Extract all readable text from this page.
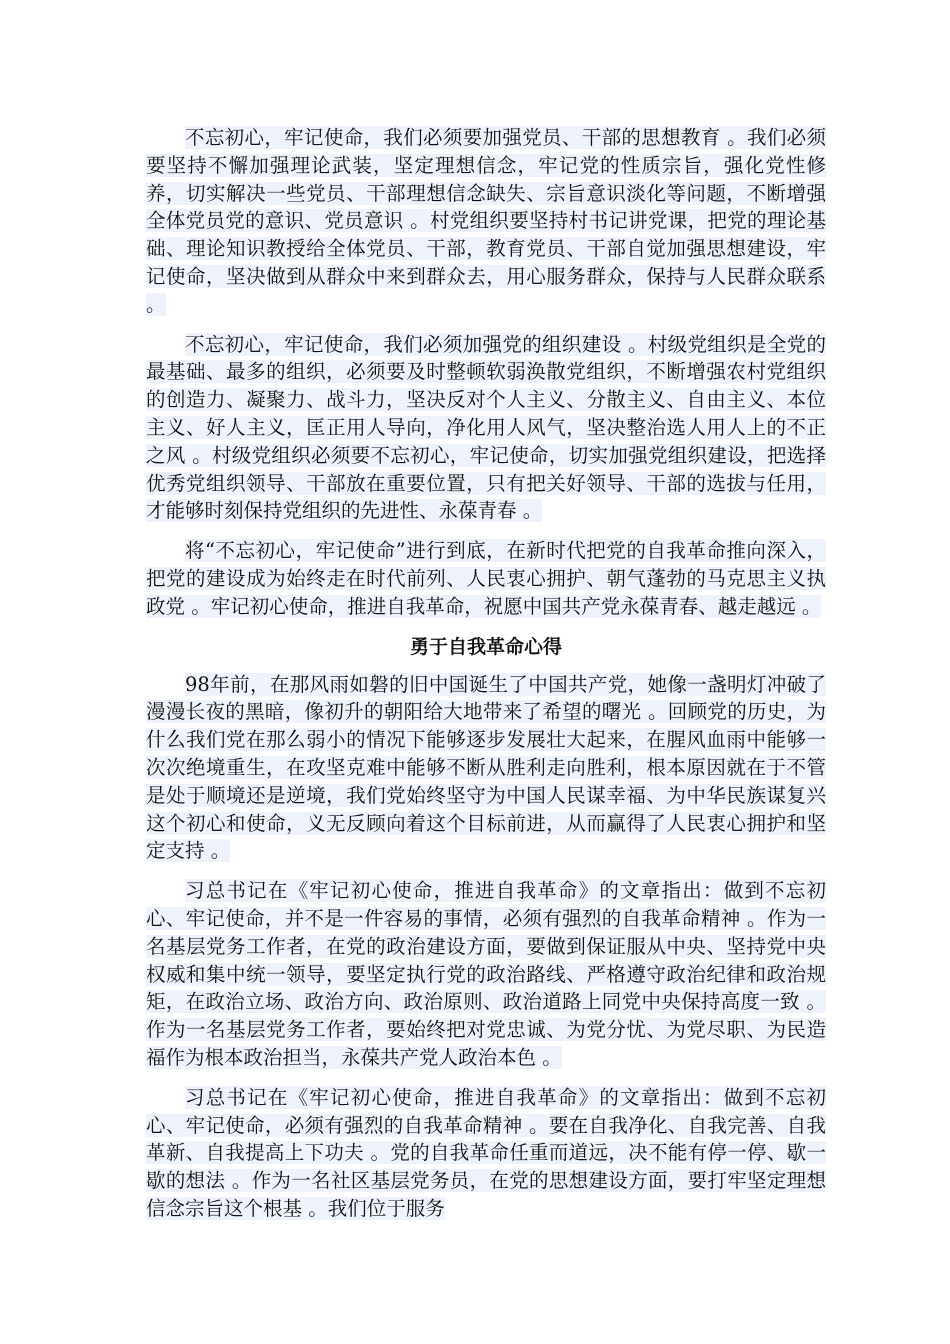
不忘初心，牢记使命，我们必须要加强党员、干部的思想教育 。我们必须要坚持不懈加强理论武装，坚定理想信念，牢记党的性质宗旨，强化党性修养，切实解决一些党员、干部理想信念缺失、宗旨意识淡化等问题，不断增强全体党员党的意识、党员意识 。村党组织要坚持村书记讲党课，把党的理论基础、理论知识教授给全体党员、干部，教育党员、干部自觉加强思想建设，牢记使命，坚决做到从群众中来到群众去，用心服务群众，保持与人民群众联系 。

不忘初心，牢记使命，我们必须加强党的组织建设 。村级党组织是全党的最基础、最多的组织，必须要及时整顿软弱涣散党组织，不断增强农村党组织的创造力、凝聚力、战斗力，坚决反对个人主义、分散主义、自由主义、本位主义、好人主义，匡正用人导向，净化用人风气，坚决整治选人用人上的不正之风 。村级党组织必须要不忘初心，牢记使命，切实加强党组织建设，把选择优秀党组织领导、干部放在重要位置，只有把关好领导、干部的选拔与任用，才能够时刻保持党组织的先进性、永葆青春 。

将“不忘初心，牢记使命”进行到底，在新时代把党的自我革命推向深入，把党的建设成为始终走在时代前列、人民衷心拥护、朝气蓬勃的马克思主义执政党 。牢记初心使命，推进自我革命，祝愿中国共产党永葆青春、越走越远 。

勇于自我革命心得

98年前，在那风雨如磐的旧中国诞生了中国共产党，她像一盏明灯冲破了漫漫长夜的黑暗，像初升的朝阳给大地带来了希望的曙光 。回顾党的历史，为什么我们党在那么弱小的情况下能够逐步发展壮大起来，在腥风血雨中能够一次次绝境重生，在攻坚克难中能够不断从胜利走向胜利，根本原因就在于不管是处于顺境还是逆境，我们党始终坚守为中国人民谋幸福、为中华民族谋复兴这个初心和使命，义无反顾向着这个目标前进，从而赢得了人民衷心拥护和坚定支持 。

习总书记在《牢记初心使命，推进自我革命》的文章指出：做到不忘初心、牢记使命，并不是一件容易的事情，必须有强烈的自我革命精神 。作为一名基层党务工作者，在党的政治建设方面，要做到保证服从中央、坚持党中央权威和集中统一领导，要坚定执行党的政治路线、严格遵守政治纪律和政治规矩，在政治立场、政治方向、政治原则、政治道路上同党中央保持高度一致 。作为一名基层党务工作者，要始终把对党忠诚、为党分忧、为党尽职、为民造福作为根本政治担当，永葆共产党人政治本色 。

习总书记在《牢记初心使命，推进自我革命》的文章指出：做到不忘初心、牢记使命，必须有强烈的自我革命精神 。要在自我净化、自我完善、自我革新、自我提高上下功夫 。党的自我革命任重而道远，决不能有停一停、歇一歇的想法 。作为一名社区基层党务员，在党的思想建设方面，要打牢坚定理想信念宗旨这个根基 。我们位于服务
